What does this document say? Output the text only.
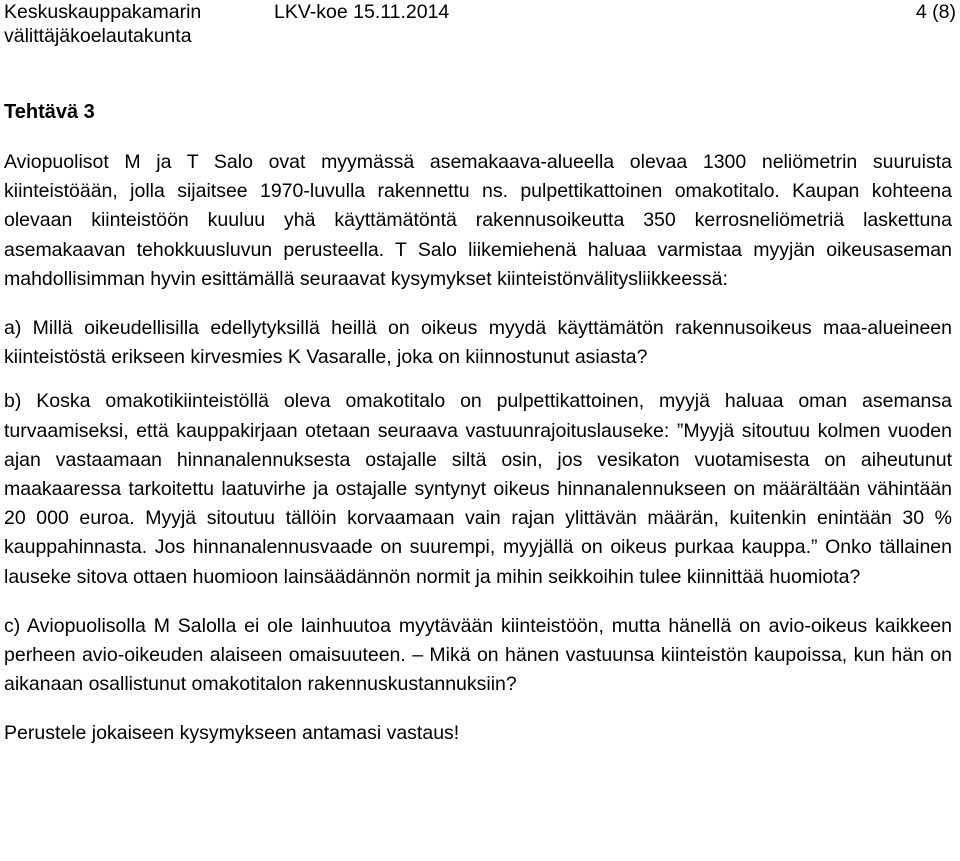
Keskuskauppakamarin
välittäjäkoelautakunta
LKV-koe 15.11.2014	4 (8)
Tehtävä 3

Aviopuolisot M ja T Salo ovat myymässä asemakaava-alueella olevaa 1300 neliömetrin suuruista kiinteistöään, jolla sijaitsee 1970-luvulla rakennettu ns. pulpettikattoinen omakotitalo. Kaupan kohteena olevaan kiinteistöön kuuluu yhä käyttämätöntä rakennusoikeutta 350 kerrosneliömetriä laskettuna asemakaavan tehokkuusluvun perusteella. T Salo liikemiehenä haluaa varmistaa myyjän oikeusaseman mahdollisimman hyvin esittämällä seuraavat kysymykset kiinteistönvälitysliikkeessä:

a) Millä oikeudellisilla edellytyksillä heillä on oikeus myydä käyttämätön rakennusoikeus maa-alueineen kiinteistöstä erikseen kirvesmies K Vasaralle, joka on kiinnostunut asiasta?

b) Koska omakotikiinteistöllä oleva omakotitalo on pulpettikattoinen, myyjä haluaa oman asemansa turvaamiseksi, että kauppakirjaan otetaan seuraava vastuunrajoituslauseke: ”Myyjä sitoutuu kolmen vuoden ajan vastaamaan hinnanalennuksesta ostajalle siltä osin, jos vesikaton vuotamisesta on aiheutunut maakaaressa tarkoitettu laatuvirhe ja ostajalle syntynyt oikeus hinnanalennukseen on määrältään vähintään 20 000 euroa. Myyjä sitoutuu tällöin korvaamaan vain rajan ylittävän määrän, kuitenkin enintään 30 % kauppahinnasta. Jos hinnanalennusvaade on suurempi, myyjällä on oikeus purkaa kauppa.” Onko tällainen lauseke sitova ottaen huomioon lainsäädännön normit ja mihin seikkoihin tulee kiinnittää huomiota?

c) Aviopuolisolla M Salolla ei ole lainhuutoa myytävään kiinteistöön, mutta hänellä on avio-oikeus kaikkeen perheen avio-oikeuden alaiseen omaisuuteen. – Mikä on hänen vastuunsa kiinteistön kaupoissa, kun hän on aikanaan osallistunut omakotitalon rakennuskustannuksiin?

Perustele jokaiseen kysymykseen antamasi vastaus!
